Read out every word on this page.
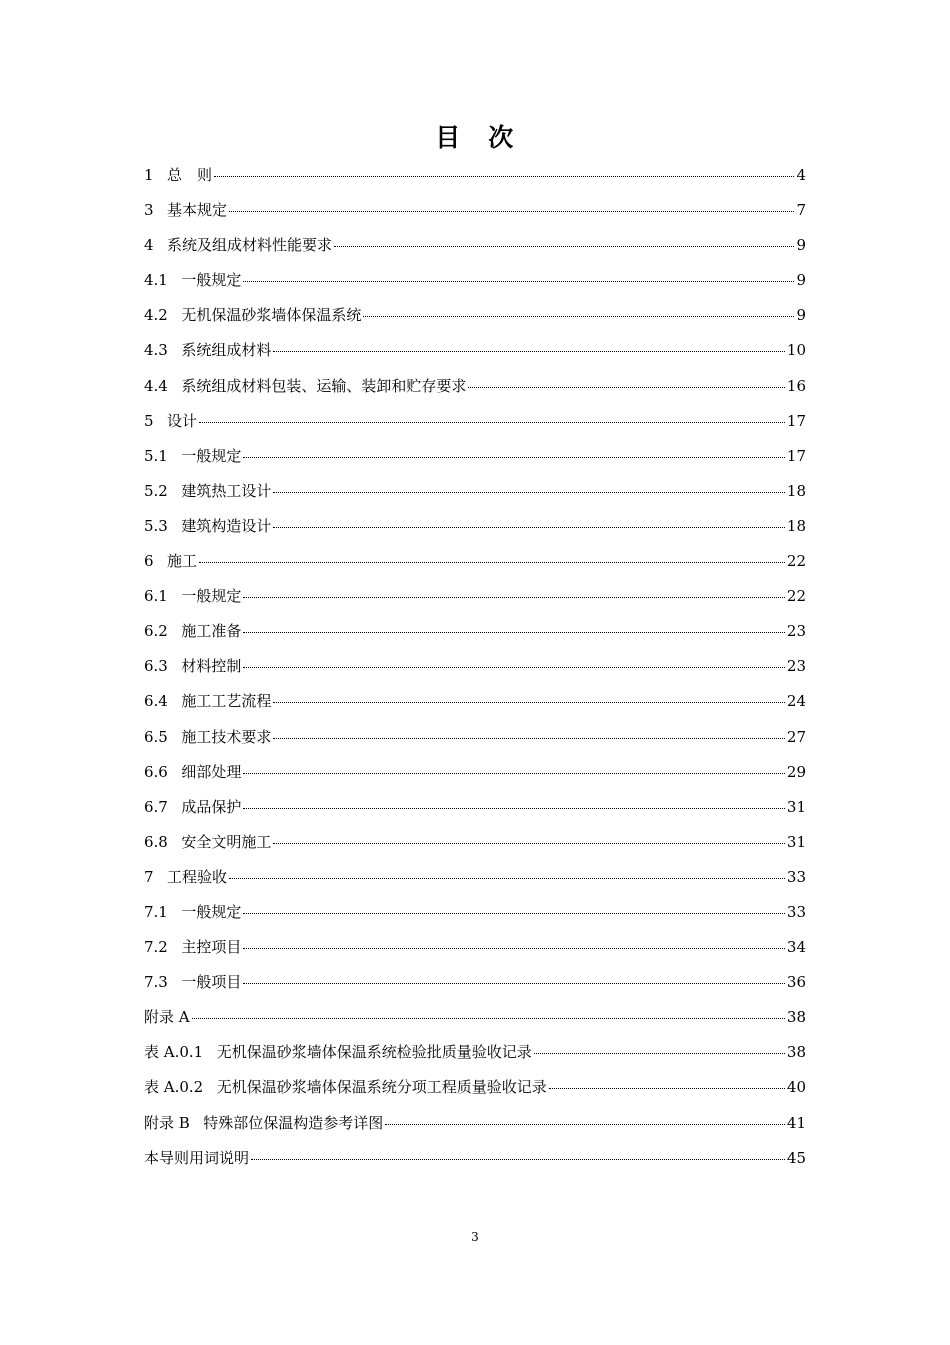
目　次
1 总　则	4
3 基本规定	7
4 系统及组成材料性能要求	9
4.1 一般规定	9
4.2 无机保温砂浆墙体保温系统	9
4.3 系统组成材料	10
4.4 系统组成材料包装、运输、装卸和贮存要求	16
5 设计	17
5.1 一般规定	17
5.2 建筑热工设计	18
5.3 建筑构造设计	18
6 施工	22
6.1 一般规定	22
6.2 施工准备	23
6.3 材料控制	23
6.4 施工工艺流程	24
6.5 施工技术要求	27
6.6 细部处理	29
6.7 成品保护	31
6.8 安全文明施工	31
7 工程验收	33
7.1 一般规定	33
7.2 主控项目	34
7.3 一般项目	36
附录 A	38
表 A.0.1 无机保温砂浆墙体保温系统检验批质量验收记录	38
表 A.0.2 无机保温砂浆墙体保温系统分项工程质量验收记录	40
附录 B 特殊部位保温构造参考详图	41
本导则用词说明	45
3
